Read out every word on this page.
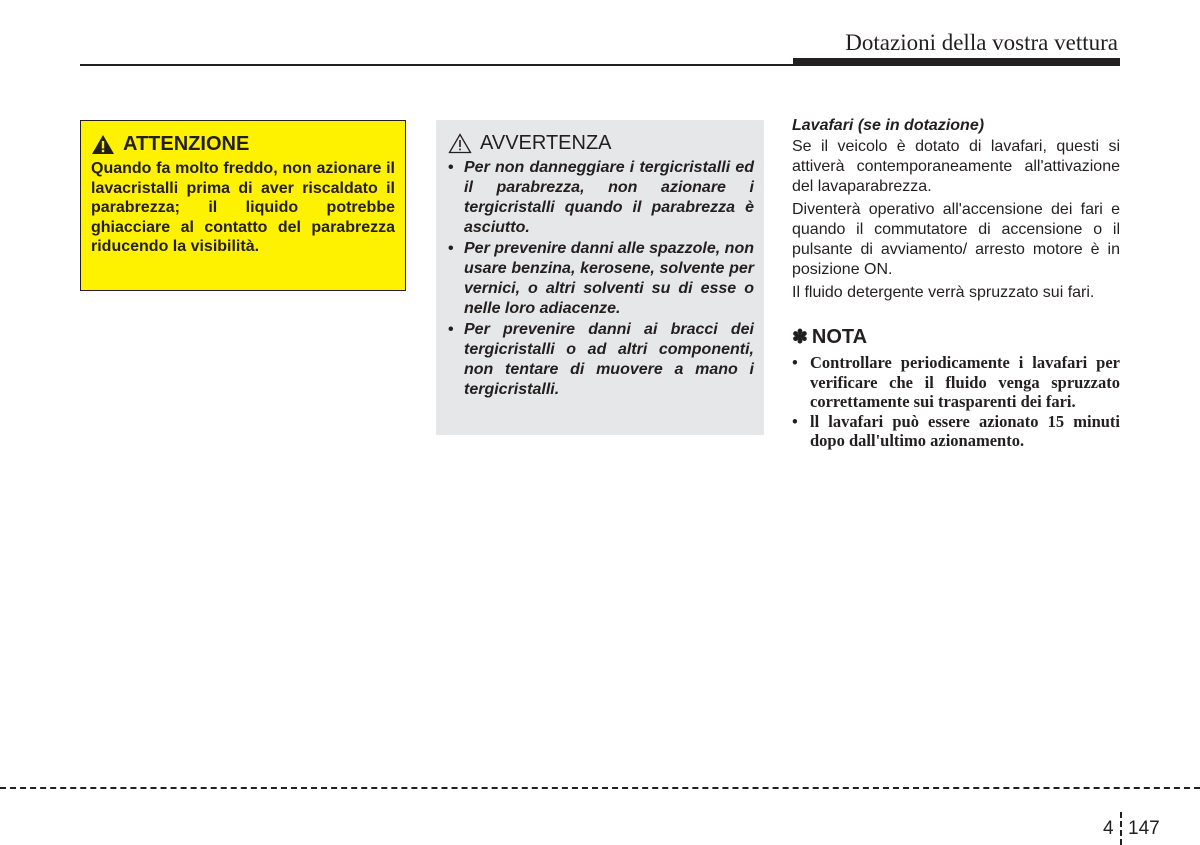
Dotazioni della vostra vettura
ATTENZIONE

Quando fa molto freddo, non azionare il lavacristalli prima di aver riscaldato il parabrezza; il liquido potrebbe ghiacciare al contatto del parabrezza riducendo la visibilità.

AVVERTENZA
• Per non danneggiare i tergicristalli ed il parabrezza, non azionare i tergicristalli quando il parabrezza è asciutto.
• Per prevenire danni alle spazzole, non usare benzina, kerosene, solvente per vernici, o altri solventi su di esse o nelle loro adiacenze.
• Per prevenire danni ai bracci dei tergicristalli o ad altri componenti, non tentare di muovere a mano i tergicristalli.

Lavafari (se in dotazione)

Se il veicolo è dotato di lavafari, questi si attiverà contemporaneamente all'attivazione del lavaparabrezza.

Diventerà operativo all'accensione dei fari e quando il commutatore di accensione o il pulsante di avviamento/ arresto motore è in posizione ON.

Il fluido detergente verrà spruzzato sui fari.

✽ NOTA
• Controllare periodicamente i lavafari per verificare che il fluido venga spruzzato correttamente sui trasparenti dei fari.
• ll lavafari può essere azionato 15 minuti dopo dall'ultimo azionamento.
4 147
